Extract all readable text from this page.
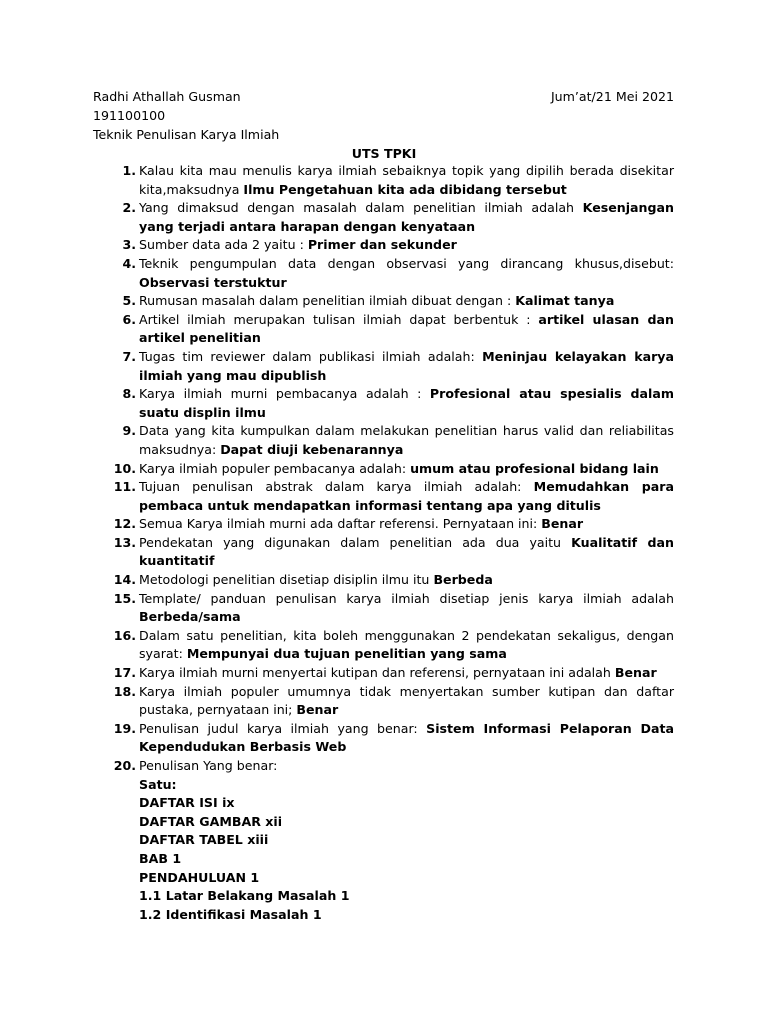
Radhi Athallah Gusman	Jum’at/21 Mei 2021
191100100
Teknik Penulisan Karya Ilmiah
UTS TPKI
1. Kalau kita mau menulis karya ilmiah sebaiknya topik yang dipilih berada disekitar kita,maksudnya Ilmu Pengetahuan kita ada dibidang tersebut
2. Yang dimaksud dengan masalah dalam penelitian ilmiah adalah Kesenjangan yang terjadi antara harapan dengan kenyataan
3. Sumber data ada 2 yaitu : Primer dan sekunder
4. Teknik pengumpulan data dengan observasi yang dirancang khusus,disebut: Observasi terstuktur
5. Rumusan masalah dalam penelitian ilmiah dibuat dengan : Kalimat tanya
6. Artikel ilmiah merupakan tulisan ilmiah dapat berbentuk : artikel ulasan dan artikel penelitian
7. Tugas tim reviewer dalam publikasi ilmiah adalah: Meninjau kelayakan karya ilmiah yang mau dipublish
8. Karya ilmiah murni pembacanya adalah : Profesional atau spesialis dalam suatu displin ilmu
9. Data yang kita kumpulkan dalam melakukan penelitian harus valid dan reliabilitas maksudnya: Dapat diuji kebenarannya
10. Karya ilmiah populer pembacanya adalah: umum atau profesional bidang lain
11. Tujuan penulisan abstrak dalam karya ilmiah adalah: Memudahkan para pembaca untuk mendapatkan informasi tentang apa yang ditulis
12. Semua Karya ilmiah murni ada daftar referensi. Pernyataan ini: Benar
13. Pendekatan yang digunakan dalam penelitian ada dua yaitu Kualitatif dan kuantitatif
14. Metodologi penelitian disetiap disiplin ilmu itu Berbeda
15. Template/ panduan penulisan karya ilmiah disetiap jenis karya ilmiah adalah Berbeda/sama
16. Dalam satu penelitian, kita boleh menggunakan 2 pendekatan sekaligus, dengan syarat: Mempunyai dua tujuan penelitian yang sama
17. Karya ilmiah murni menyertai kutipan dan referensi, pernyataan ini adalah Benar
18. Karya ilmiah populer umumnya tidak menyertakan sumber kutipan dan daftar pustaka, pernyataan ini; Benar
19. Penulisan judul karya ilmiah yang benar: Sistem Informasi Pelaporan Data Kependudukan Berbasis Web
20. Penulisan Yang benar:
Satu:
DAFTAR ISI ix
DAFTAR GAMBAR xii
DAFTAR TABEL xiii
BAB 1
PENDAHULUAN 1
1.1 Latar Belakang Masalah 1
1.2 Identifikasi Masalah 1
